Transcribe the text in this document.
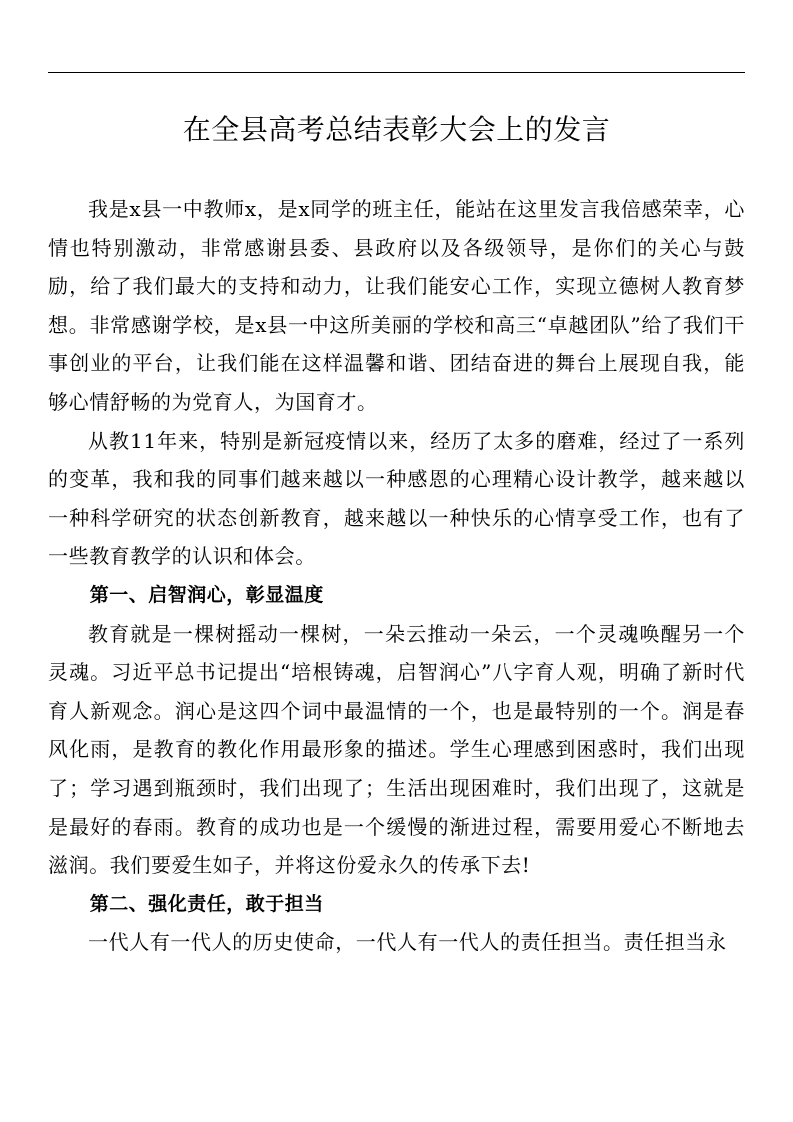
在全县高考总结表彰大会上的发言

我是x县一中教师x，是x同学的班主任，能站在这里发言我倍感荣幸，心情也特别激动，非常感谢县委、县政府以及各级领导，是你们的关心与鼓励，给了我们最大的支持和动力，让我们能安心工作，实现立德树人教育梦想。非常感谢学校，是x县一中这所美丽的学校和高三“卓越团队”给了我们干事创业的平台，让我们能在这样温馨和谐、团结奋进的舞台上展现自我，能够心情舒畅的为党育人，为国育才。

从教11年来，特别是新冠疫情以来，经历了太多的磨难，经过了一系列的变革，我和我的同事们越来越以一种感恩的心理精心设计教学，越来越以一种科学研究的状态创新教育，越来越以一种快乐的心情享受工作，也有了一些教育教学的认识和体会。

第一、启智润心，彰显温度

教育就是一棵树摇动一棵树，一朵云推动一朵云，一个灵魂唤醒另一个灵魂。习近平总书记提出“培根铸魂，启智润心”八字育人观，明确了新时代育人新观念。润心是这四个词中最温情的一个，也是最特别的一个。润是春风化雨，是教育的教化作用最形象的描述。学生心理感到困惑时，我们出现了；学习遇到瓶颈时，我们出现了；生活出现困难时，我们出现了，这就是是最好的春雨。教育的成功也是一个缓慢的渐进过程，需要用爱心不断地去滋润。我们要爱生如子，并将这份爱永久的传承下去!

第二、强化责任，敢于担当

一代人有一代人的历史使命，一代人有一代人的责任担当。责任担当永
